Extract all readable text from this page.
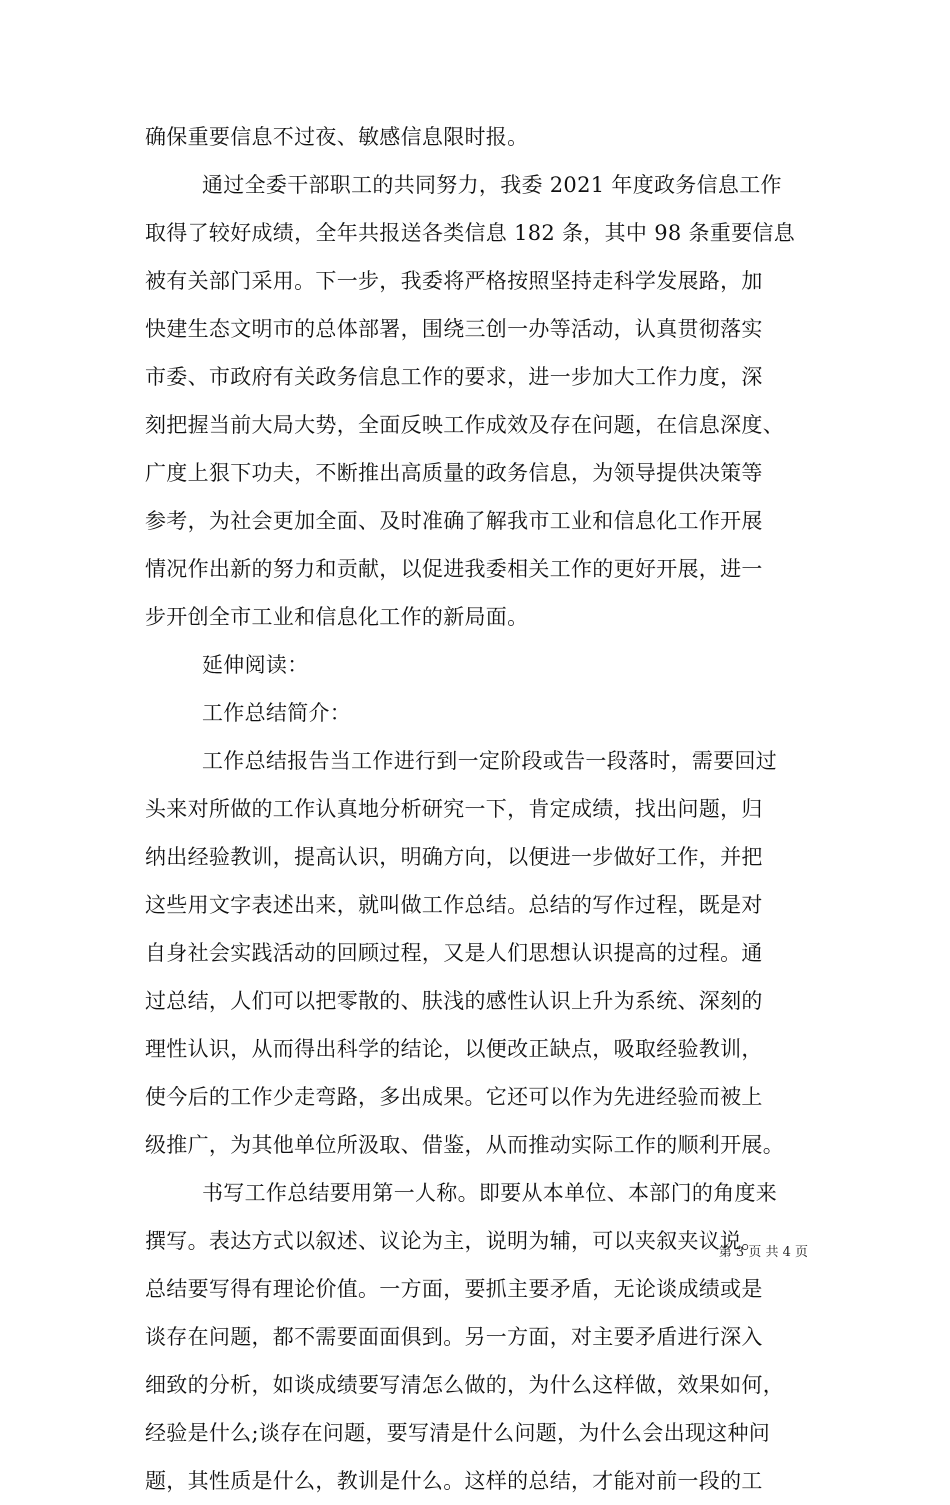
确保重要信息不过夜、敏感信息限时报。
通过全委干部职工的共同努力，我委 2021 年度政务信息工作
取得了较好成绩，全年共报送各类信息 182 条，其中 98 条重要信息
被有关部门采用。下一步，我委将严格按照坚持走科学发展路，加
快建生态文明市的总体部署，围绕三创一办等活动，认真贯彻落实
市委、市政府有关政务信息工作的要求，进一步加大工作力度，深
刻把握当前大局大势，全面反映工作成效及存在问题，在信息深度、
广度上狠下功夫，不断推出高质量的政务信息，为领导提供决策等
参考，为社会更加全面、及时准确了解我市工业和信息化工作开展
情况作出新的努力和贡献，以促进我委相关工作的更好开展，进一
步开创全市工业和信息化工作的新局面。
延伸阅读：
工作总结简介：
工作总结报告当工作进行到一定阶段或告一段落时，需要回过
头来对所做的工作认真地分析研究一下，肯定成绩，找出问题，归
纳出经验教训，提高认识，明确方向，以便进一步做好工作，并把
这些用文字表述出来，就叫做工作总结。总结的写作过程，既是对
自身社会实践活动的回顾过程，又是人们思想认识提高的过程。通
过总结，人们可以把零散的、肤浅的感性认识上升为系统、深刻的
理性认识，从而得出科学的结论，以便改正缺点，吸取经验教训，
使今后的工作少走弯路，多出成果。它还可以作为先进经验而被上
级推广，为其他单位所汲取、借鉴，从而推动实际工作的顺利开展。
书写工作总结要用第一人称。即要从本单位、本部门的角度来
撰写。表达方式以叙述、议论为主，说明为辅，可以夹叙夹议说。
总结要写得有理论价值。一方面，要抓主要矛盾，无论谈成绩或是
谈存在问题，都不需要面面俱到。另一方面，对主要矛盾进行深入
细致的分析，如谈成绩要写清怎么做的，为什么这样做，效果如何，
经验是什么;谈存在问题，要写清是什么问题，为什么会出现这种问
题，其性质是什么，教训是什么。这样的总结，才能对前一段的工
第 3 页 共 4 页
